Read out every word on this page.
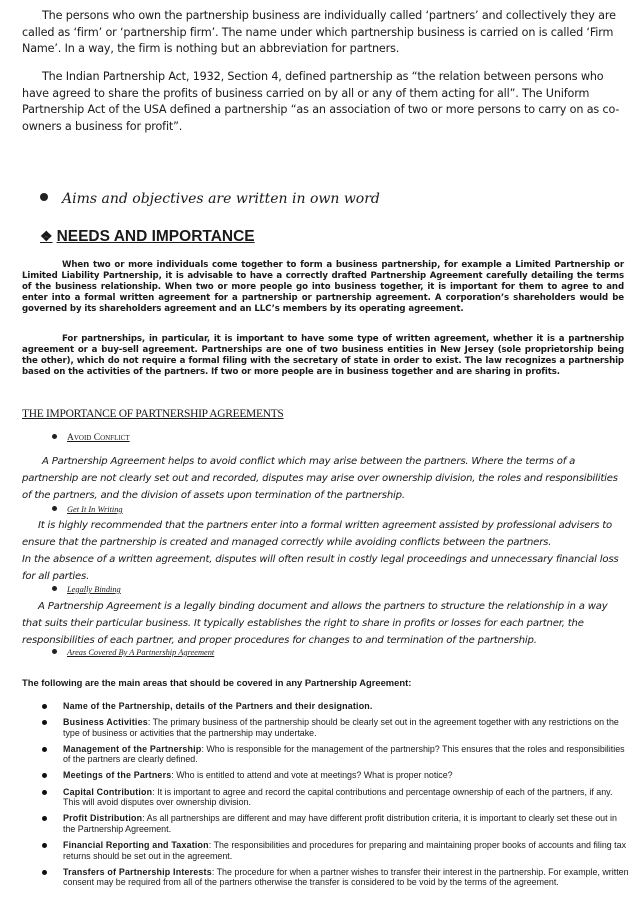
The persons who own the partnership business are individually called ‘partners’ and collectively they are called as ‘firm’ or ‘partnership firm’. The name under which partnership business is carried on is called ‘Firm Name’. In a way, the firm is nothing but an abbreviation for partners.

The Indian Partnership Act, 1932, Section 4, defined partnership as “the relation between persons who have agreed to share the profits of business carried on by all or any of them acting for all”. The Uniform Partnership Act of the USA defined a partnership “as an association of two or more persons to carry on as co-owners a business for profit”.

Aims and objectives are written in own word
❖ NEEDS AND IMPORTANCE

When two or more individuals come together to form a business partnership, for example a Limited Partnership or Limited Liability Partnership, it is advisable to have a correctly drafted Partnership Agreement carefully detailing the terms of the business relationship. When two or more people go into business together, it is important for them to agree to and enter into a formal written agreement for a partnership or partnership agreement. A corporation’s shareholders would be governed by its shareholders agreement and an LLC’s members by its operating agreement.

For partnerships, in particular, it is important to have some type of written agreement, whether it is a partnership agreement or a buy-sell agreement. Partnerships are one of two business entities in New Jersey (sole proprietorship being the other), which do not require a formal filing with the secretary of state in order to exist. The law recognizes a partnership based on the activities of the partners. If two or more people are in business together and are sharing in profits.

THE IMPORTANCE OF PARTNERSHIP AGREEMENTS
Avoid Conflict

A Partnership Agreement helps to avoid conflict which may arise between the partners. Where the terms of a partnership are not clearly set out and recorded, disputes may arise over ownership division, the roles and responsibilities of the partners, and the division of assets upon termination of the partnership.

Get It In Writing

It is highly recommended that the partners enter into a formal written agreement assisted by professional advisers to ensure that the partnership is created and managed correctly while avoiding conflicts between the partners.

In the absence of a written agreement, disputes will often result in costly legal proceedings and unnecessary financial loss for all parties.

Legally Binding

A Partnership Agreement is a legally binding document and allows the partners to structure the relationship in a way that suits their particular business. It typically establishes the right to share in profits or losses for each partner, the responsibilities of each partner, and proper procedures for changes to and termination of the partnership.

Areas Covered By A Partnership Agreement

The following are the main areas that should be covered in any Partnership Agreement:

Name of the Partnership, details of the Partners and their designation.
Business Activities: The primary business of the partnership should be clearly set out in the agreement together with any restrictions on the type of business or activities that the partnership may undertake.
Management of the Partnership: Who is responsible for the management of the partnership? This ensures that the roles and responsibilities of the partners are clearly defined.
Meetings of the Partners: Who is entitled to attend and vote at meetings? What is proper notice?
Capital Contribution: It is important to agree and record the capital contributions and percentage ownership of each of the partners, if any. This will avoid disputes over ownership division.
Profit Distribution: As all partnerships are different and may have different profit distribution criteria, it is important to clearly set these out in the Partnership Agreement.
Financial Reporting and Taxation: The responsibilities and procedures for preparing and maintaining proper books of accounts and filing tax returns should be set out in the agreement.
Transfers of Partnership Interests: The procedure for when a partner wishes to transfer their interest in the partnership. For example, written consent may be required from all of the partners otherwise the transfer is considered to be void by the terms of the agreement.
